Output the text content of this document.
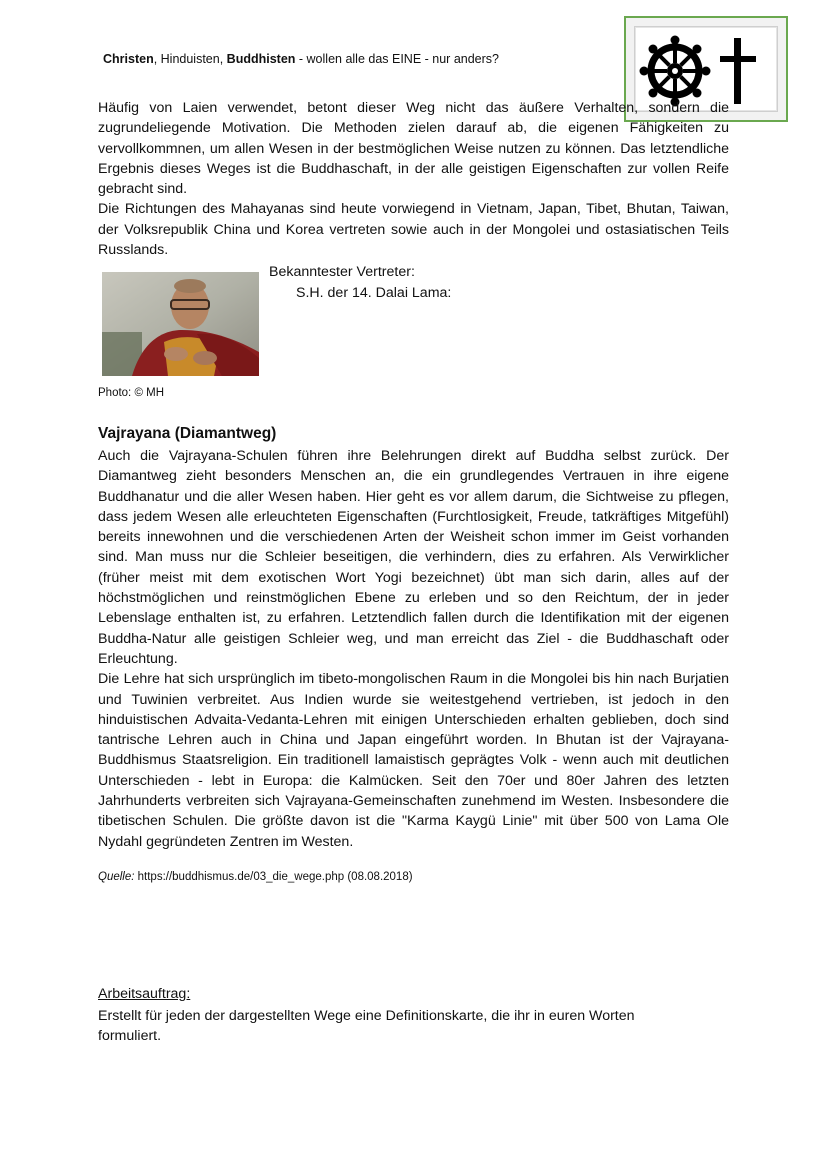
Christen, Hinduisten, Buddhisten - wollen alle das EINE - nur anders?

Häufig von Laien verwendet, betont dieser Weg nicht das äußere Verhalten, sondern die zugrundeliegende Motivation. Die Methoden zielen darauf ab, die eigenen Fähigkeiten zu vervollkommnen, um allen Wesen in der bestmöglichen Weise nutzen zu können. Das letztendliche Ergebnis dieses Weges ist die Buddhaschaft, in der alle geistigen Eigenschaften zur vollen Reife gebracht sind.

Die Richtungen des Mahayanas sind heute vorwiegend in Vietnam, Japan, Tibet, Bhutan, Taiwan, der Volksrepublik China und Korea vertreten sowie auch in der Mongolei und ostasiatischen Teils Russlands.

Bekanntester Vertreter:
S.H. der 14. Dalai Lama:
Photo: © MH
Vajrayana (Diamantweg)

Auch die Vajrayana-Schulen führen ihre Belehrungen direkt auf Buddha selbst zurück. Der Diamantweg zieht besonders Menschen an, die ein grundlegendes Vertrauen in ihre eigene Buddhanatur und die aller Wesen haben. Hier geht es vor allem darum, die Sichtweise zu pflegen, dass jedem Wesen alle erleuchteten Eigenschaften (Furchtlosigkeit, Freude, tatkräftiges Mitgefühl) bereits innewohnen und die verschiedenen Arten der Weisheit schon immer im Geist vorhanden sind. Man muss nur die Schleier beseitigen, die verhindern, dies zu erfahren. Als Verwirklicher (früher meist mit dem exotischen Wort Yogi bezeichnet) übt man sich darin, alles auf der höchstmöglichen und reinstmöglichen Ebene zu erleben und so den Reichtum, der in jeder Lebenslage enthalten ist, zu erfahren. Letztendlich fallen durch die Identifikation mit der eigenen Buddha-Natur alle geistigen Schleier weg, und man erreicht das Ziel - die Buddhaschaft oder Erleuchtung.

Die Lehre hat sich ursprünglich im tibeto-mongolischen Raum in die Mongolei bis hin nach Burjatien und Tuwinien verbreitet. Aus Indien wurde sie weitestgehend vertrieben, ist jedoch in den hinduistischen Advaita-Vedanta-Lehren mit einigen Unterschieden erhalten geblieben, doch sind tantrische Lehren auch in China und Japan eingeführt worden. In Bhutan ist der Vajrayana-Buddhismus Staatsreligion. Ein traditionell lamaistisch geprägtes Volk - wenn auch mit deutlichen Unterschieden - lebt in Europa: die Kalmücken. Seit den 70er und 80er Jahren des letzten Jahrhunderts verbreiten sich Vajrayana-Gemeinschaften zunehmend im Westen. Insbesondere die tibetischen Schulen. Die größte davon ist die "Karma Kaygü Linie" mit über 500 von Lama Ole Nydahl gegründeten Zentren im Westen.

Quelle: https://buddhismus.de/03_die_wege.php (08.08.2018)
Arbeitsauftrag:
Erstellt für jeden der dargestellten Wege eine Definitionskarte, die ihr in euren Worten formuliert.
